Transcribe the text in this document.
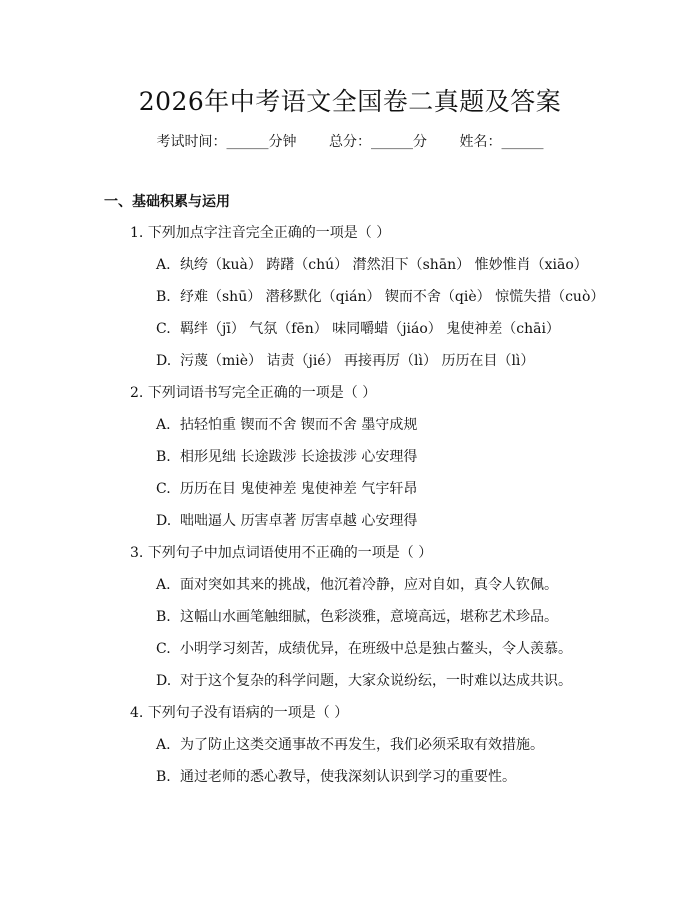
2026年中考语文全国卷二真题及答案
考试时间：______分钟 总分：______分 姓名：______
一、基础积累与运用
1. 下列加点字注音完全正确的一项是（ ）
A. 纨绔（kuà） 踌躇（chú） 潸然泪下（shān） 惟妙惟肖（xiāo）
B. 纾难（shū） 潜移默化（qián） 锲而不舍（qiè） 惊慌失措（cuò）
C. 羁绊（jī） 气氛（fēn） 味同嚼蜡（jiáo） 鬼使神差（chāi）
D. 污蔑（miè） 诘责（jié） 再接再厉（lì） 历历在目（lì）
2. 下列词语书写完全正确的一项是（ ）
A. 拈轻怕重 锲而不舍 锲而不舍 墨守成规
B. 相形见绌 长途跋涉 长途拔涉 心安理得
C. 历历在目 鬼使神差 鬼使神差 气宇轩昂
D. 咄咄逼人 历害卓著 厉害卓越 心安理得
3. 下列句子中加点词语使用不正确的一项是（ ）
A. 面对突如其来的挑战，他沉着冷静，应对自如，真令人钦佩。
B. 这幅山水画笔触细腻，色彩淡雅，意境高远，堪称艺术珍品。
C. 小明学习刻苦，成绩优异，在班级中总是独占鳌头，令人羡慕。
D. 对于这个复杂的科学问题，大家众说纷纭，一时难以达成共识。
4. 下列句子没有语病的一项是（ ）
A. 为了防止这类交通事故不再发生，我们必须采取有效措施。
B. 通过老师的悉心教导，使我深刻认识到学习的重要性。
